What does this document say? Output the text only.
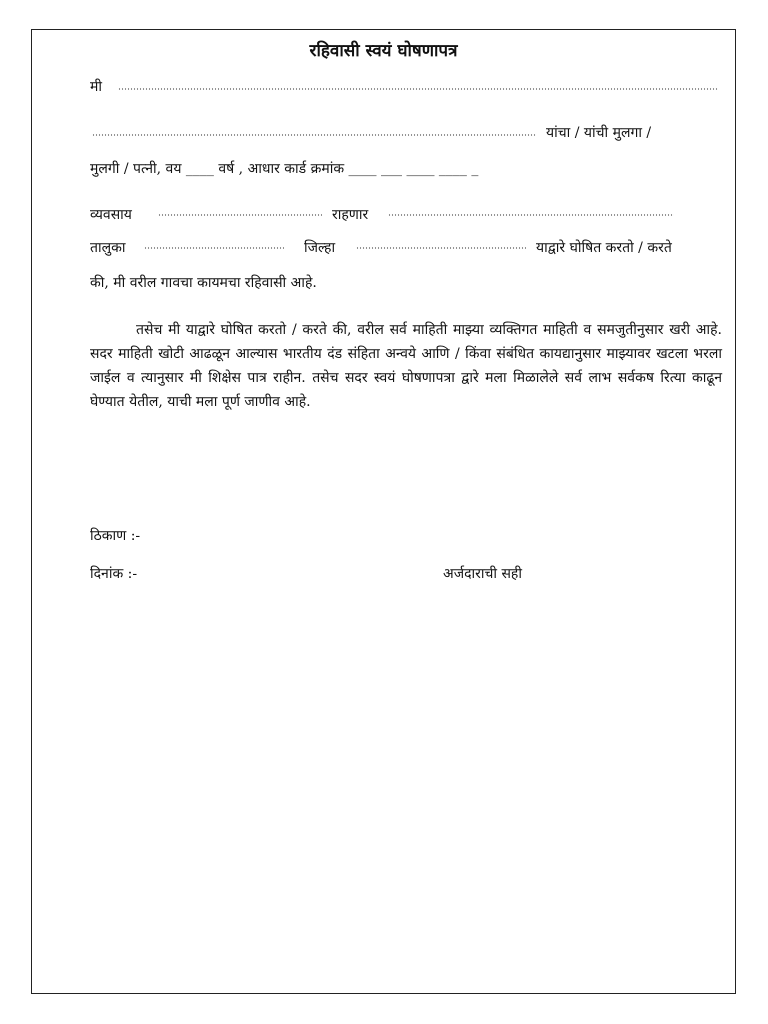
रहिवासी स्वयं घोषणापत्र
मी
यांचा / यांची मुलगा /
मुलगी / पत्नी, वय ____ वर्ष , आधार कार्ड क्रमांक ____ ___ ____ ____ _
व्यवसाय	राहणार
तालुका	जिल्हा	याद्वारे घोषित करतो / करते
की, मी वरील गावचा कायमचा रहिवासी आहे.
तसेच मी याद्वारे घोषित करतो / करते की, वरील सर्व माहिती माझ्या व्यक्तिगत माहिती व समजुतीनुसार खरी आहे. सदर माहिती खोटी आढळून आल्यास भारतीय दंड संहिता अन्वये आणि / किंवा संबंधित कायद्यानुसार माझ्यावर खटला भरला जाईल व त्यानुसार मी शिक्षेस पात्र राहीन. तसेच सदर स्वयं घोषणापत्रा द्वारे मला मिळालेले सर्व लाभ सर्वकष रित्या काढून घेण्यात येतील, याची मला पूर्ण जाणीव आहे.
ठिकाण :-
दिनांक :-	अर्जदाराची सही
